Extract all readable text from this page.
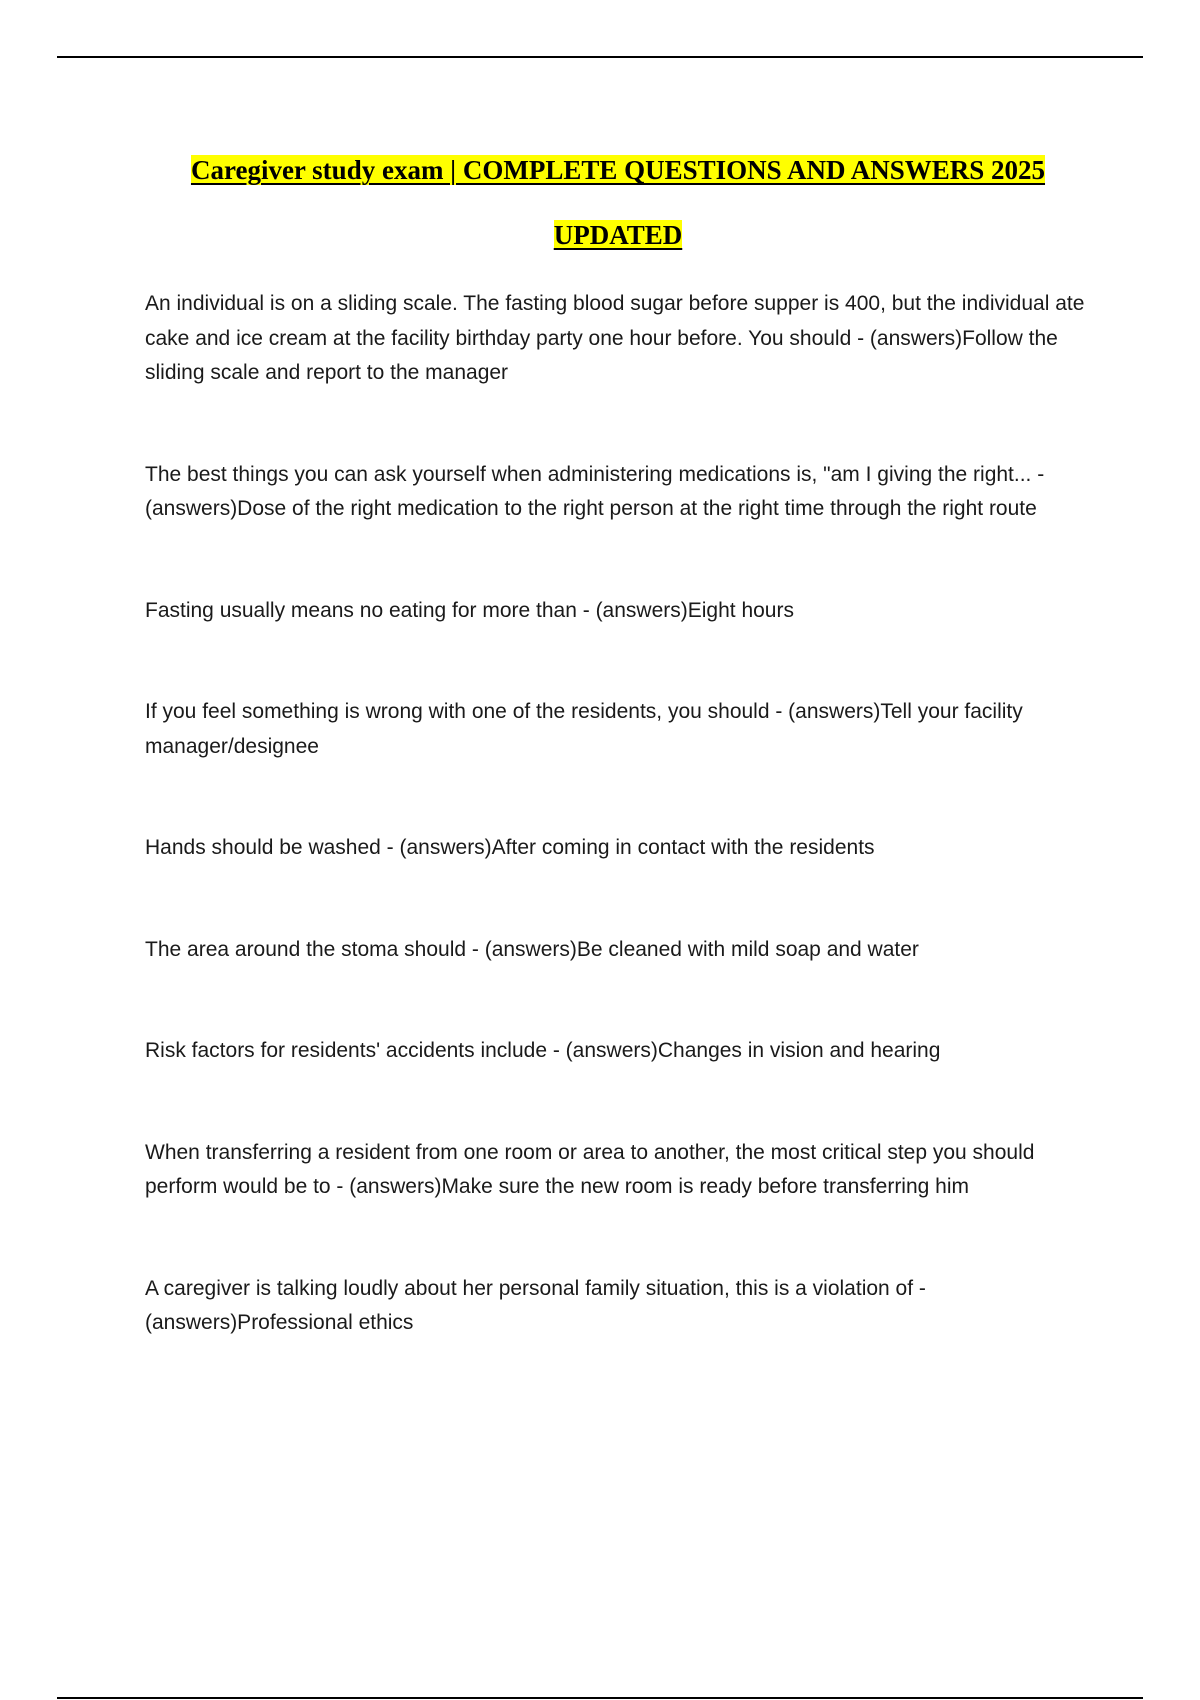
Caregiver study exam | COMPLETE QUESTIONS AND ANSWERS 2025
UPDATED

An individual is on a sliding scale. The fasting blood sugar before supper is 400, but the individual ate cake and ice cream at the facility birthday party one hour before. You should - (answers)Follow the sliding scale and report to the manager

The best things you can ask yourself when administering medications is, "am I giving the right... - (answers)Dose of the right medication to the right person at the right time through the right route

Fasting usually means no eating for more than - (answers)Eight hours

If you feel something is wrong with one of the residents, you should - (answers)Tell your facility manager/designee

Hands should be washed - (answers)After coming in contact with the residents

The area around the stoma should - (answers)Be cleaned with mild soap and water

Risk factors for residents' accidents include - (answers)Changes in vision and hearing

When transferring a resident from one room or area to another, the most critical step you should perform would be to - (answers)Make sure the new room is ready before transferring him

A caregiver is talking loudly about her personal family situation, this is a violation of - (answers)Professional ethics
